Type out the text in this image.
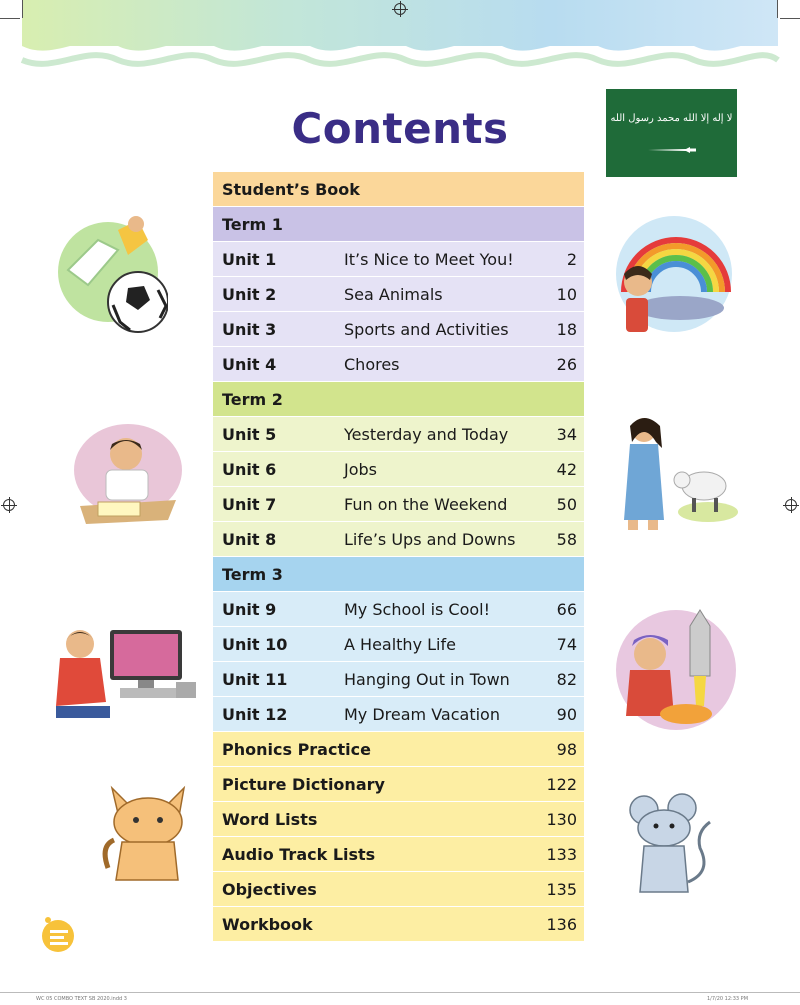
Contents	لا إله إلا الله محمد رسول الله
Student’s Book
Term 1
Unit 1	It’s Nice to Meet You!	2
Unit 2	Sea Animals	10
Unit 3	Sports and Activities	18
Unit 4	Chores	26
Term 2
Unit 5	Yesterday and Today	34
Unit 6	Jobs	42
Unit 7	Fun on the Weekend	50
Unit 8	Life’s Ups and Downs	58
Term 3
Unit 9	My School is Cool!	66
Unit 10	A Healthy Life	74
Unit 11	Hanging Out in Town	82
Unit 12	My Dream Vacation	90
Phonics Practice	98
Picture Dictionary	122
Word Lists	130
Audio Track Lists	133
Objectives	135
Workbook	136
WC 05 COMBO TEXT SB 2020.indd 3	1/7/20 12:33 PM
